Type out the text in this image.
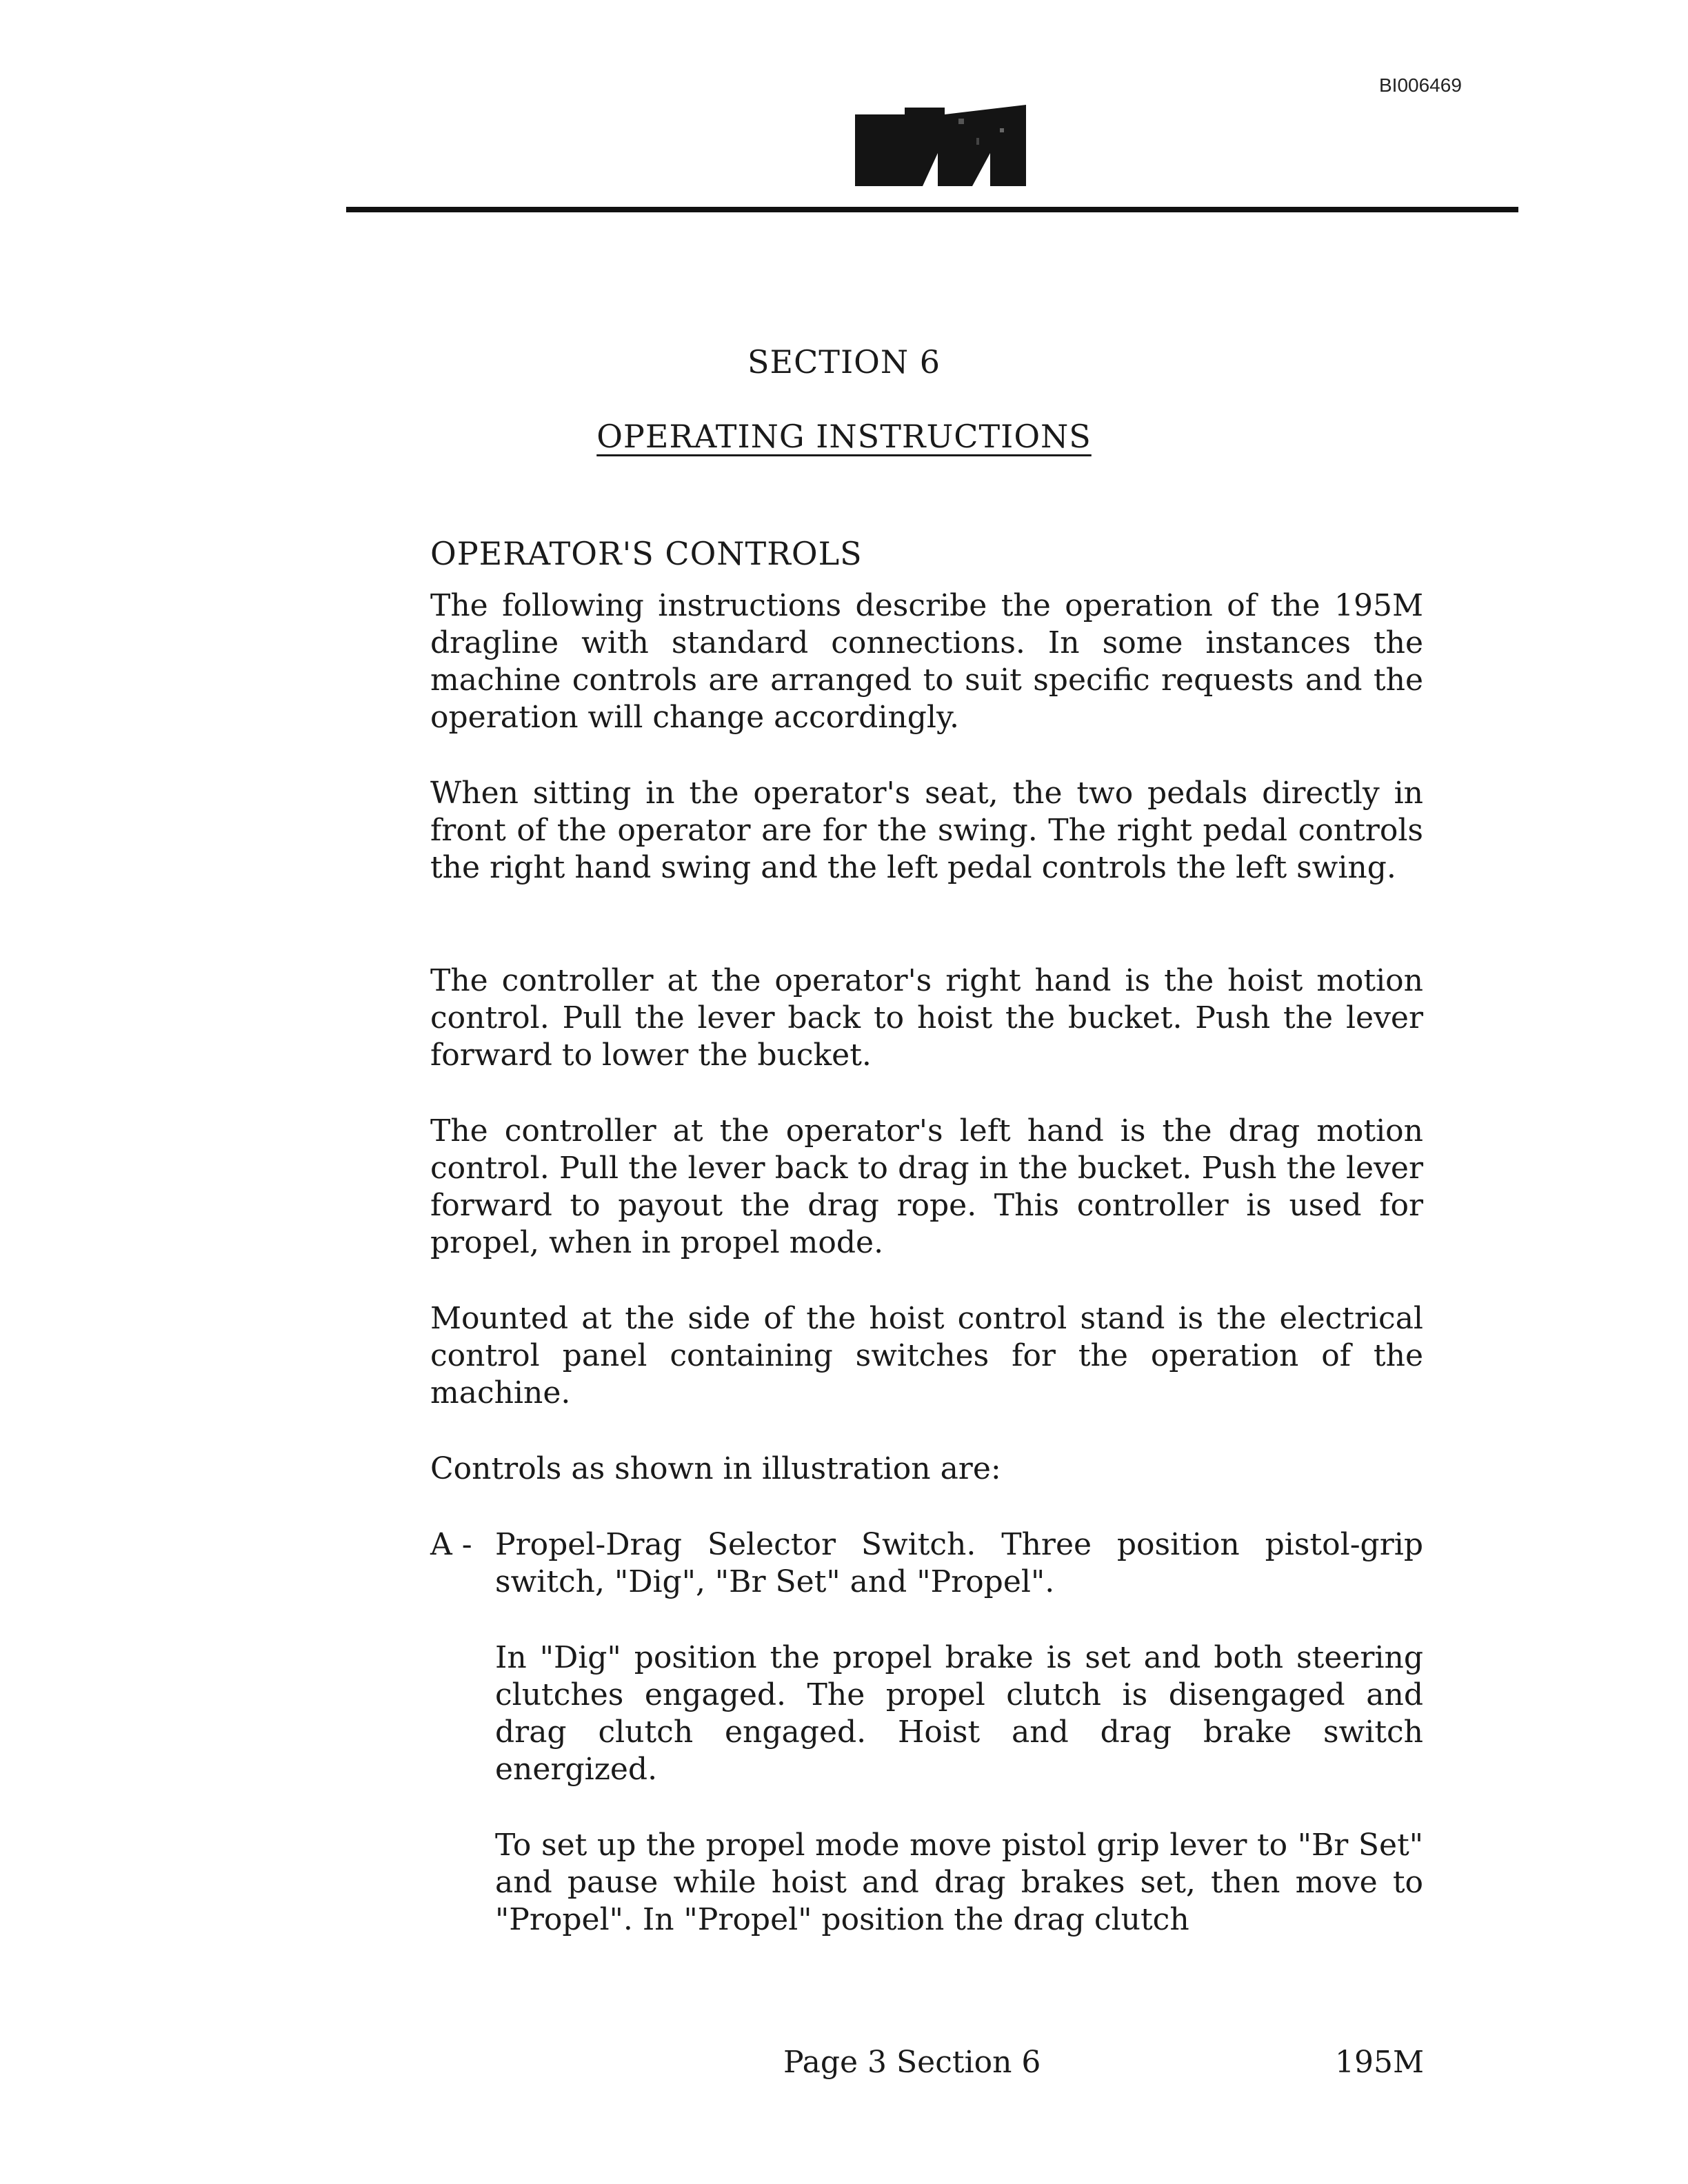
BI006469
SECTION 6
OPERATING INSTRUCTIONS
OPERATOR'S CONTROLS
The following instructions describe the operation of the 195M dragline with standard connections. In some instances the machine controls are arranged to suit specific requests and the operation will change accordingly.
When sitting in the operator's seat, the two pedals directly in front of the operator are for the swing. The right pedal controls the right hand swing and the left pedal controls the left swing.
The controller at the operator's right hand is the hoist motion control. Pull the lever back to hoist the bucket. Push the lever forward to lower the bucket.
The controller at the operator's left hand is the drag motion control. Pull the lever back to drag in the bucket. Push the lever forward to payout the drag rope. This controller is used for propel, when in propel mode.
Mounted at the side of the hoist control stand is the electrical control panel containing switches for the operation of the machine.
Controls as shown in illustration are:
A - Propel-Drag Selector Switch. Three position pistol-grip switch, "Dig", "Br Set" and "Propel".
In "Dig" position the propel brake is set and both steering clutches engaged. The propel clutch is disengaged and drag clutch engaged. Hoist and drag brake switch energized.
To set up the propel mode move pistol grip lever to "Br Set" and pause while hoist and drag brakes set, then move to "Propel". In "Propel" position the drag clutch
Page 3 Section 6	195M
